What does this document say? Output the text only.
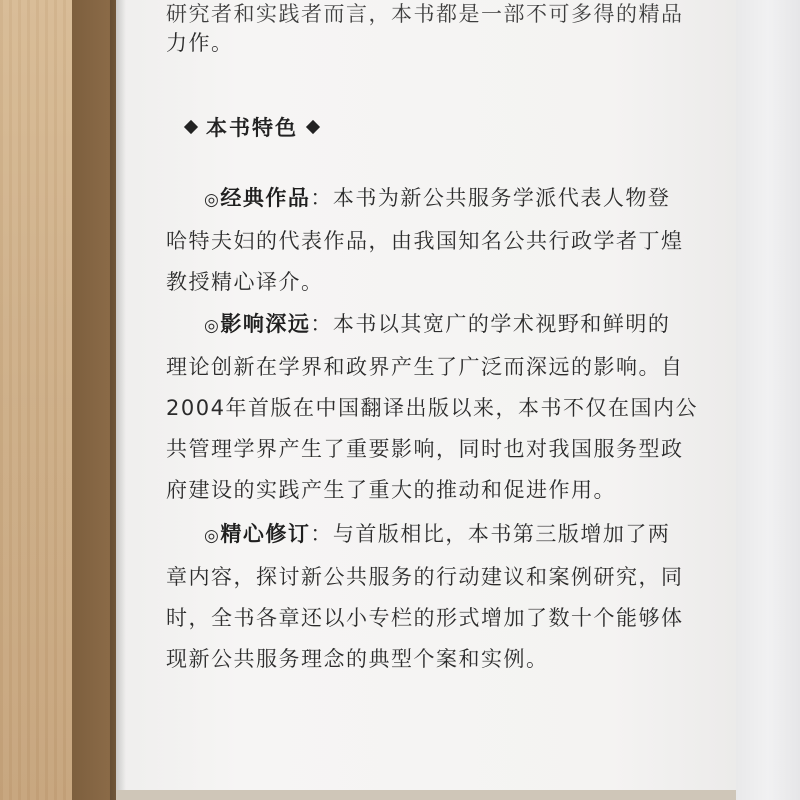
研究者和实践者而言，本书都是一部不可多得的精品
力作。
本书特色
◎经典作品：本书为新公共服务学派代表人物登
哈特夫妇的代表作品，由我国知名公共行政学者丁煌
教授精心译介。
◎影响深远：本书以其宽广的学术视野和鲜明的
理论创新在学界和政界产生了广泛而深远的影响。自
2004年首版在中国翻译出版以来，本书不仅在国内公
共管理学界产生了重要影响，同时也对我国服务型政
府建设的实践产生了重大的推动和促进作用。
◎精心修订：与首版相比，本书第三版增加了两
章内容，探讨新公共服务的行动建议和案例研究，同
时，全书各章还以小专栏的形式增加了数十个能够体
现新公共服务理念的典型个案和实例。
